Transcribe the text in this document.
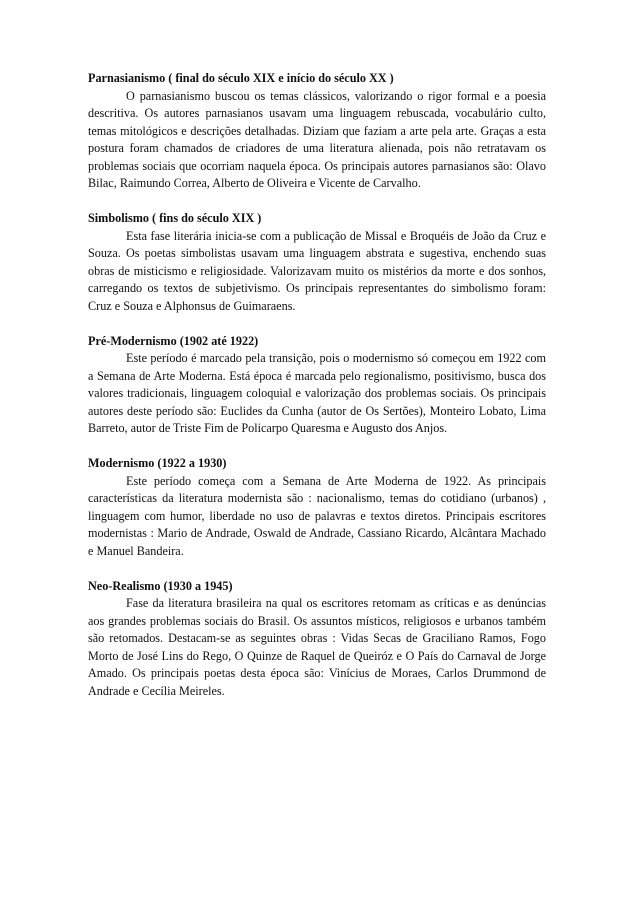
Parnasianismo ( final do século XIX e início do século XX )

O parnasianismo buscou os temas clássicos, valorizando o rigor formal e a poesia descritiva. Os autores parnasianos usavam uma linguagem rebuscada, vocabulário culto, temas mitológicos e descrições detalhadas. Diziam que faziam a arte pela arte. Graças a esta postura foram chamados de criadores de uma literatura alienada, pois não retratavam os problemas sociais que ocorriam naquela época. Os principais autores parnasianos são: Olavo Bilac, Raimundo Correa, Alberto de Oliveira e Vicente de Carvalho.

Simbolismo ( fins do século XIX )

Esta fase literária inicia-se com a publicação de Missal e Broquéis de João da Cruz e Souza. Os poetas simbolistas usavam uma linguagem abstrata e sugestiva, enchendo suas obras de misticismo e religiosidade. Valorizavam muito os mistérios da morte e dos sonhos, carregando os textos de subjetivismo. Os principais representantes do simbolismo foram: Cruz e Souza e Alphonsus de Guimaraens.

Pré-Modernismo (1902 até 1922)

Este período é marcado pela transição, pois o modernismo só começou em 1922 com a Semana de Arte Moderna. Está época é marcada pelo regionalismo, positivismo, busca dos valores tradicionais, linguagem coloquial e valorização dos problemas sociais. Os principais autores deste período são: Euclides da Cunha (autor de Os Sertões), Monteiro Lobato, Lima Barreto, autor de Triste Fim de Policarpo Quaresma e Augusto dos Anjos.

Modernismo (1922 a 1930)

Este período começa com a Semana de Arte Moderna de 1922. As principais características da literatura modernista são : nacionalismo, temas do cotidiano (urbanos) , linguagem com humor, liberdade no uso de palavras e textos diretos. Principais escritores modernistas : Mario de Andrade, Oswald de Andrade, Cassiano Ricardo, Alcântara Machado e Manuel Bandeira.

Neo-Realismo (1930 a 1945)

Fase da literatura brasileira na qual os escritores retomam as críticas e as denúncias aos grandes problemas sociais do Brasil. Os assuntos místicos, religiosos e urbanos também são retomados. Destacam-se as seguintes obras : Vidas Secas de Graciliano Ramos, Fogo Morto de José Lins do Rego, O Quinze de Raquel de Queiróz e O País do Carnaval de Jorge Amado. Os principais poetas desta época são: Vinícius de Moraes, Carlos Drummond de Andrade e Cecília Meireles.
